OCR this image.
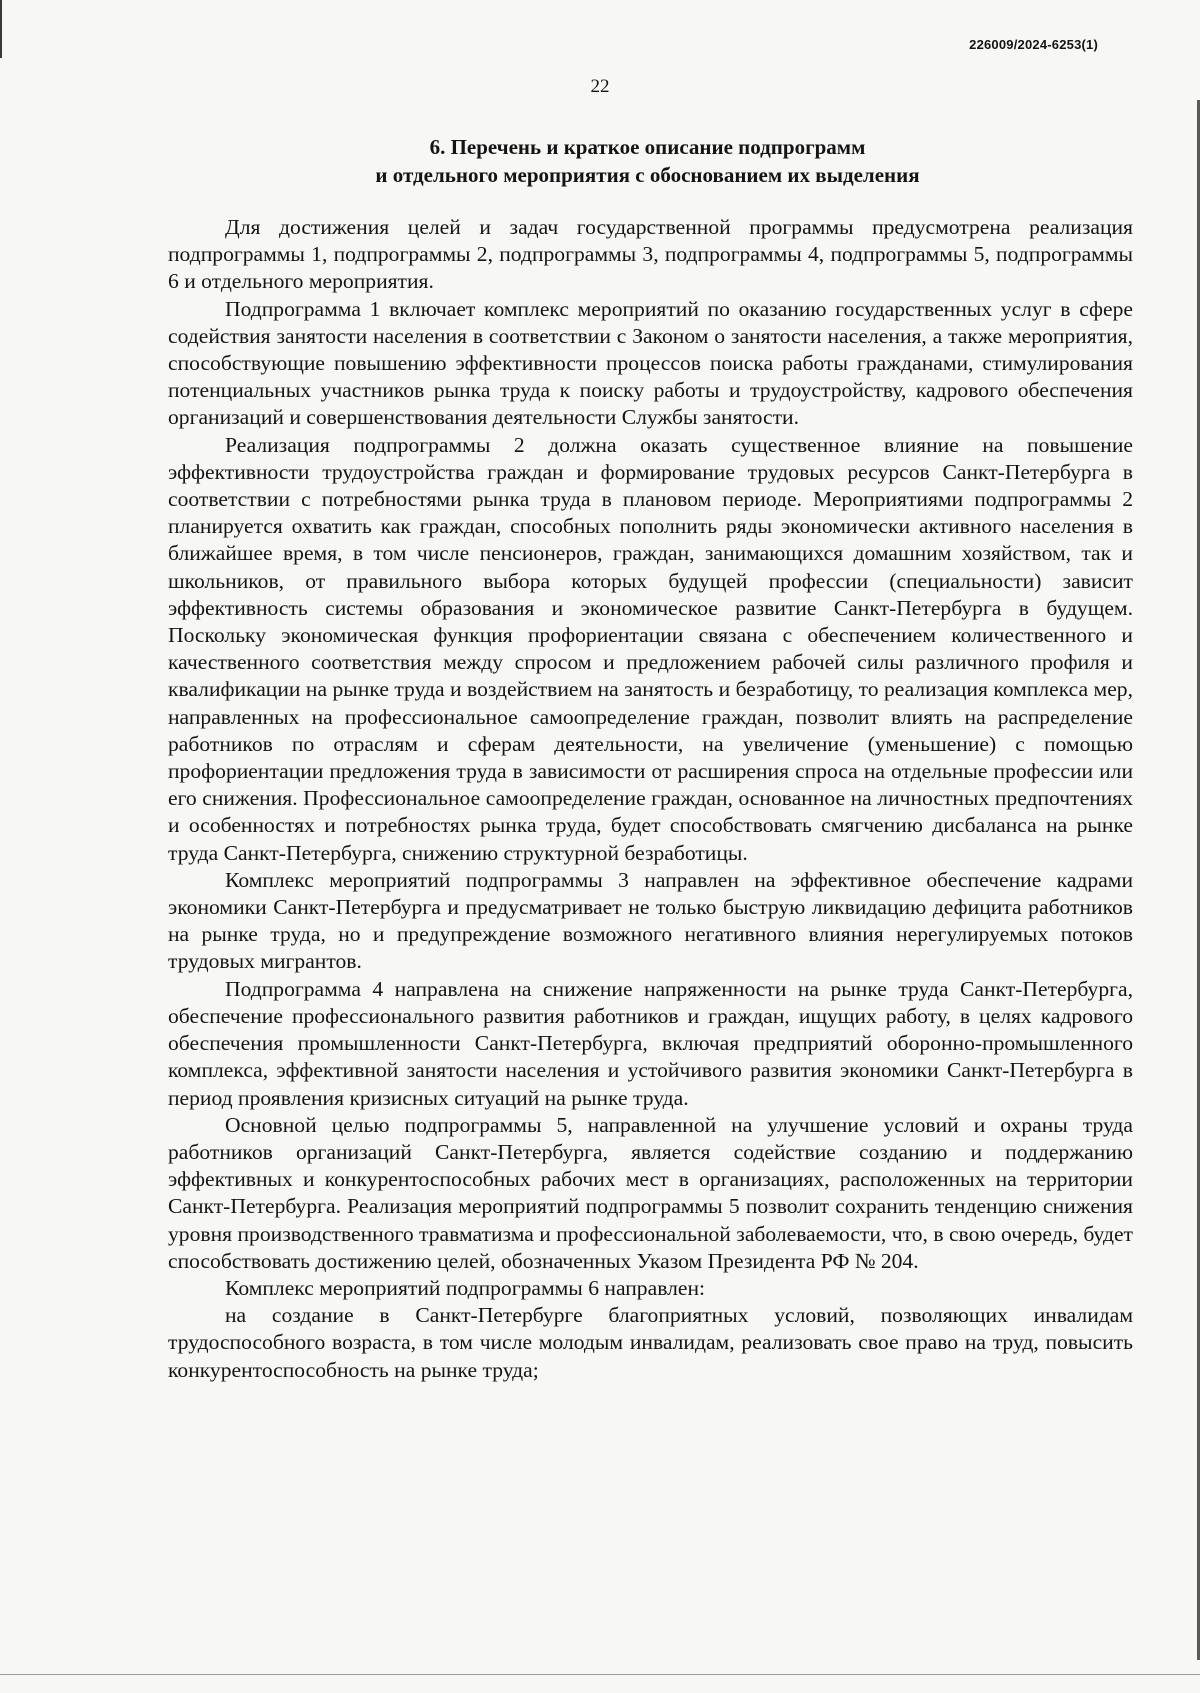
226009/2024-6253(1)
22
6. Перечень и краткое описание подпрограмм
и отдельного мероприятия с обоснованием их выделения

Для достижения целей и задач государственной программы предусмотрена реализация подпрограммы 1, подпрограммы 2, подпрограммы 3, подпрограммы 4, подпрограммы 5, подпрограммы 6 и отдельного мероприятия.

Подпрограмма 1 включает комплекс мероприятий по оказанию государственных услуг в сфере содействия занятости населения в соответствии с Законом о занятости населения, а также мероприятия, способствующие повышению эффективности процессов поиска работы гражданами, стимулирования потенциальных участников рынка труда к поиску работы и трудоустройству, кадрового обеспечения организаций и совершенствования деятельности Службы занятости.

Реализация подпрограммы 2 должна оказать существенное влияние на повышение эффективности трудоустройства граждан и формирование трудовых ресурсов Санкт-Петербурга в соответствии с потребностями рынка труда в плановом периоде. Мероприятиями подпрограммы 2 планируется охватить как граждан, способных пополнить ряды экономически активного населения в ближайшее время, в том числе пенсионеров, граждан, занимающихся домашним хозяйством, так и школьников, от правильного выбора которых будущей профессии (специальности) зависит эффективность системы образования и экономическое развитие Санкт-Петербурга в будущем. Поскольку экономическая функция профориентации связана с обеспечением количественного и качественного соответствия между спросом и предложением рабочей силы различного профиля и квалификации на рынке труда и воздействием на занятость и безработицу, то реализация комплекса мер, направленных на профессиональное самоопределение граждан, позволит влиять на распределение работников по отраслям и сферам деятельности, на увеличение (уменьшение) с помощью профориентации предложения труда в зависимости от расширения спроса на отдельные профессии или его снижения. Профессиональное самоопределение граждан, основанное на личностных предпочтениях и особенностях и потребностях рынка труда, будет способствовать смягчению дисбаланса на рынке труда Санкт-Петербурга, снижению структурной безработицы.

Комплекс мероприятий подпрограммы 3 направлен на эффективное обеспечение кадрами экономики Санкт-Петербурга и предусматривает не только быструю ликвидацию дефицита работников на рынке труда, но и предупреждение возможного негативного влияния нерегулируемых потоков трудовых мигрантов.

Подпрограмма 4 направлена на снижение напряженности на рынке труда Санкт-Петербурга, обеспечение профессионального развития работников и граждан, ищущих работу, в целях кадрового обеспечения промышленности Санкт-Петербурга, включая предприятий оборонно-промышленного комплекса, эффективной занятости населения и устойчивого развития экономики Санкт-Петербурга в период проявления кризисных ситуаций на рынке труда.

Основной целью подпрограммы 5, направленной на улучшение условий и охраны труда работников организаций Санкт-Петербурга, является содействие созданию и поддержанию эффективных и конкурентоспособных рабочих мест в организациях, расположенных на территории Санкт-Петербурга. Реализация мероприятий подпрограммы 5 позволит сохранить тенденцию снижения уровня производственного травматизма и профессиональной заболеваемости, что, в свою очередь, будет способствовать достижению целей, обозначенных Указом Президента РФ № 204.

Комплекс мероприятий подпрограммы 6 направлен:

на создание в Санкт-Петербурге благоприятных условий, позволяющих инвалидам трудоспособного возраста, в том числе молодым инвалидам, реализовать свое право на труд, повысить конкурентоспособность на рынке труда;
